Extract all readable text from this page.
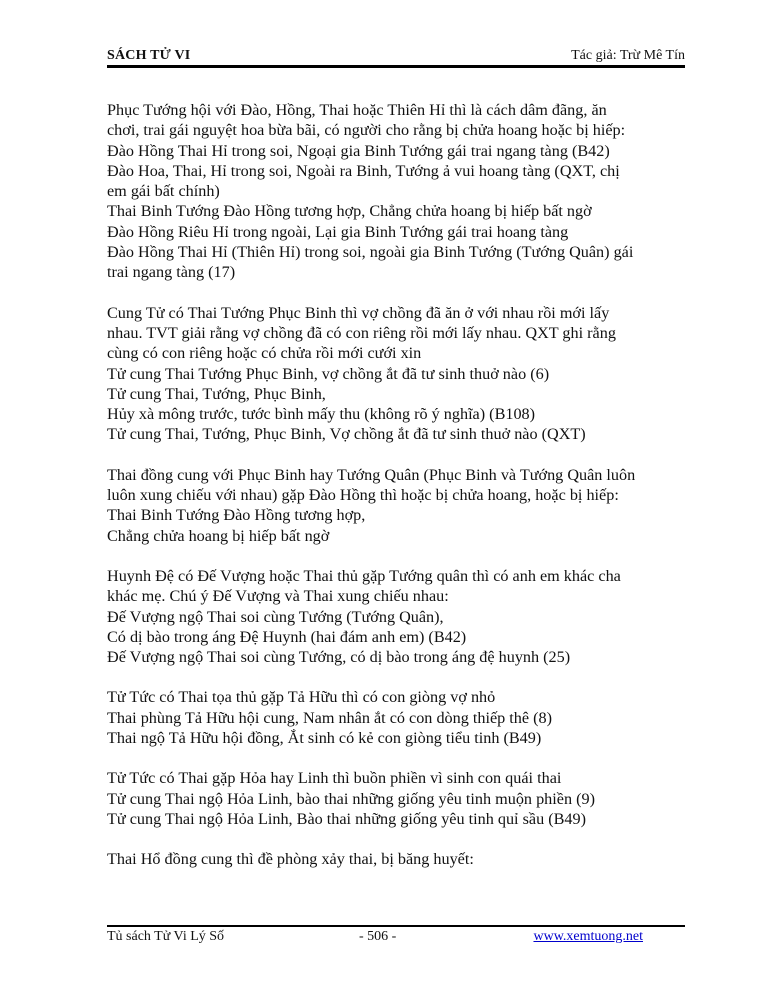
SÁCH TỬ VI	Tác giả: Trừ Mê Tín
Phục Tướng hội với Đào, Hồng, Thai hoặc Thiên Hỉ thì là cách dâm đãng, ăn
chơi, trai gái nguyệt hoa bừa bãi, có người cho rằng bị chửa hoang hoặc bị hiếp:
Đào Hồng Thai Hỉ trong soi, Ngoại gia Binh Tướng gái trai ngang tàng (B42)
Đào Hoa, Thai, Hỉ trong soi, Ngoài ra Binh, Tướng ả vui hoang tàng (QXT, chị
em gái bất chính)
Thai Binh Tướng Đào Hồng tương hợp, Chẳng chửa hoang bị hiếp bất ngờ
Đào Hồng Riêu Hỉ trong ngoài, Lại gia Binh Tướng gái trai hoang tàng
Đào Hồng Thai Hỉ (Thiên Hỉ) trong soi, ngoài gia Binh Tướng (Tướng Quân) gái
trai ngang tàng (17)
Cung Tử có Thai Tướng Phục Binh thì vợ chồng đã ăn ở với nhau rồi mới lấy
nhau. TVT giải rằng vợ chồng đã có con riêng rồi mới lấy nhau. QXT ghi rằng
cùng có con riêng hoặc có chửa rồi mới cưới xin
Tử cung Thai Tướng Phục Binh, vợ chồng ắt đã tư sinh thuở nào (6)
Tử cung Thai, Tướng, Phục Binh,
Hủy xà mông trước, tước bình mấy thu (không rõ ý nghĩa) (B108)
Tử cung Thai, Tướng, Phục Binh, Vợ chồng ắt đã tư sinh thuở nào (QXT)
Thai đồng cung với Phục Binh hay Tướng Quân (Phục Binh và Tướng Quân luôn
luôn xung chiếu với nhau) gặp Đào Hồng thì hoặc bị chửa hoang, hoặc bị hiếp:
Thai Binh Tướng Đào Hồng tương hợp,
Chẳng chửa hoang bị hiếp bất ngờ
Huynh Đệ có Đế Vượng hoặc Thai thủ gặp Tướng quân thì có anh em khác cha
khác mẹ. Chú ý Đế Vượng và Thai xung chiếu nhau:
Đế Vượng ngộ Thai soi cùng Tướng (Tướng Quân),
Có dị bào trong áng Đệ Huynh (hai đám anh em) (B42)
Đế Vượng ngộ Thai soi cùng Tướng, có dị bào trong áng đệ huynh (25)
Tử Tức có Thai tọa thủ gặp Tả Hữu thì có con giòng vợ nhỏ
Thai phùng Tả Hữu hội cung, Nam nhân ắt có con dòng thiếp thê (8)
Thai ngộ Tả Hữu hội đồng, Ắt sinh có kẻ con giòng tiểu tinh (B49)
Tử Tức có Thai gặp Hỏa hay Linh thì buồn phiền vì sinh con quái thai
Tử cung Thai ngộ Hỏa Linh, bào thai những giống yêu tinh muộn phiền (9)
Tử cung Thai ngộ Hỏa Linh, Bào thai những giống yêu tinh quỉ sầu (B49)
Thai Hổ đồng cung thì đề phòng xảy thai, bị băng huyết:
Tủ sách Tử Vi Lý Số	- 506 -	www.xemtuong.net
